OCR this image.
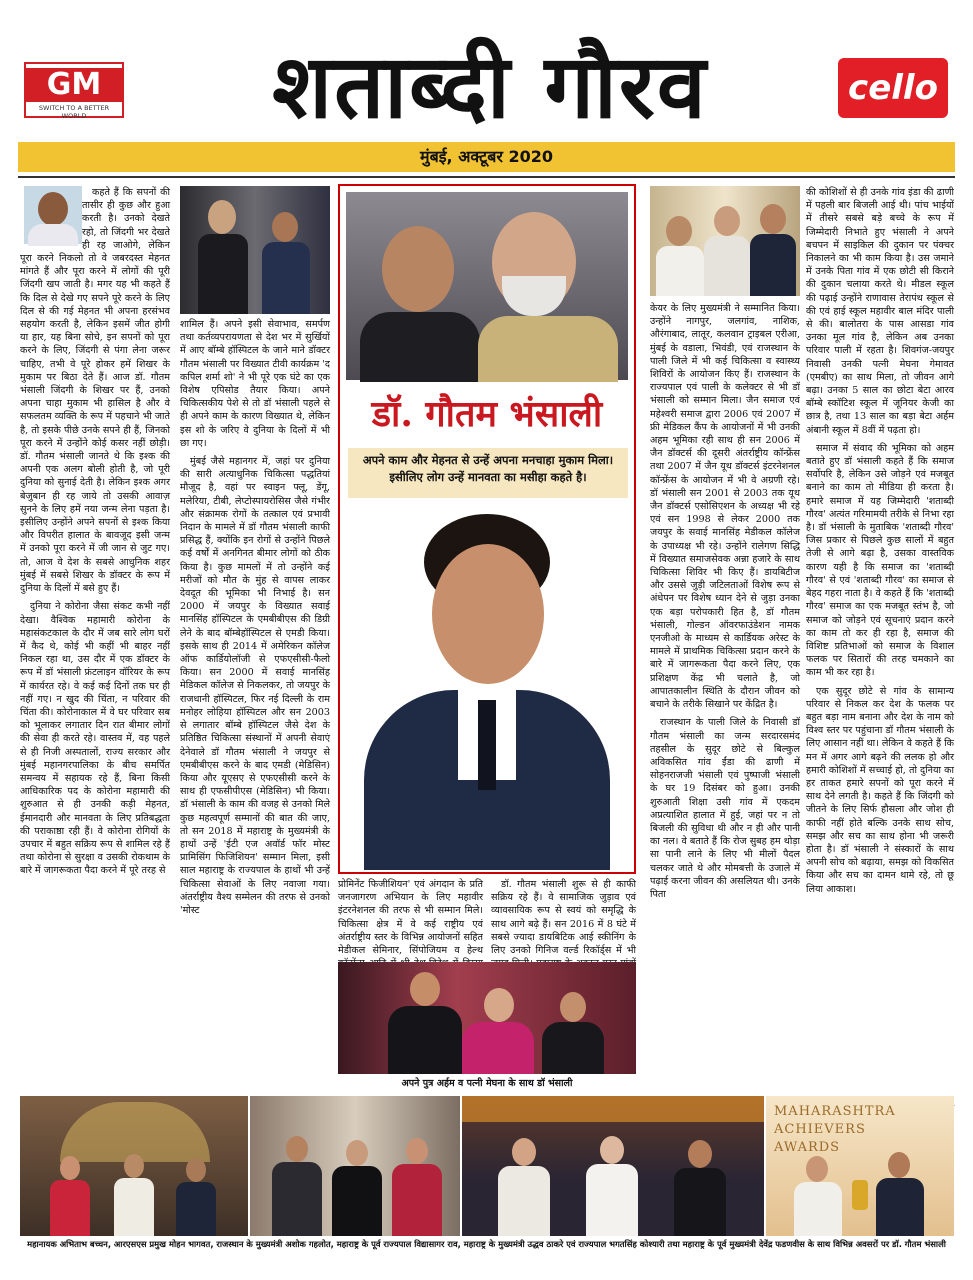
GM
SWITCH TO A BETTER WORLD	शताब्दी गौरव	cello
मुंबई, अक्टूबर 2020

कहते हैं कि सपनों की तासीर ही कुछ और हुआ करती है। उनको देखते रहो, तो जिंदगी भर देखते ही रह जाओगे, लेकिन पूरा करने निकलो तो वे जबरदस्त मेहनत मांगते हैं और पूरा करने में लोगों की पूरी जिंदगी खप जाती है। मगर यह भी कहते हैं कि दिल से देखे गए सपने पूरे करने के लिए दिल से की गई मेहनत भी अपना हरसंभव सहयोग करती है, लेकिन इसमें जीत होगी या हार, यह बिना सोचे, इन सपनों को पूरा करने के लिए, जिंदगी से पंगा लेना जरूर चाहिए, तभी वे पूरे होकर हमें शिखर के मुकाम पर बिठा देते हैं। आज डॉ. गौतम भंसाली जिंदगी के शिखर पर हैं, उनको अपना चाहा मुकाम भी हासिल है और वे सफलतम व्यक्ति के रूप में पहचाने भी जाते है, तो इसके पीछे उनके सपने ही हैं, जिनको पूरा करने में उन्होंने कोई कसर नहीं छोड़ी। डॉ. गौतम भंसाली जानते थे कि इश्क की अपनी एक अलग बोली होती है, जो पूरी दुनिया को सुनाई देती है। लेकिन इश्क अगर बेजुबान ही रह जाये तो उसकी आवाज़ सुनने के लिए हमें नया जन्म लेना पड़ता है। इसीलिए उन्होंने अपने सपनों से इश्क किया और विपरीत हालात के बावजूद इसी जन्म में उनको पूरा करने में जी जान से जुट गए। तो, आज वे देश के सबसे आधुनिक शहर मुंबई में सबसे शिखर के डॉक्टर के रूप में दुनिया के दिलों में बसे हुए हैं।

दुनिया ने कोरोना जैसा संकट कभी नहीं देखा। वैश्विक महामारी कोरोना के महासंकटकाल के दौर में जब सारे लोग घरों में कैद थे, कोई भी कहीं भी बाहर नहीं निकल रहा था, उस दौर में एक डॉक्टर के रूप में डॉ भंसाली फ्रंटलाइन वॉरियर के रूप में कार्यरत रहे। वे कई कई दिनों तक घर ही नहीं गए। न खुद की चिंता, न परिवार की चिंता की। कोरोनाकाल में वे घर परिवार सब को भूलाकर लगातार दिन रात बीमार लोगों की सेवा ही करते रहे। वास्तव में, वह पहले से ही निजी अस्पतालों, राज्य सरकार और मुंबई महानगरपालिका के बीच समर्पित समन्वय में सहायक रहे हैं, बिना किसी आधिकारिक पद के कोरोना महामारी की शुरुआत से ही उनकी कड़ी मेहनत, ईमानदारी और मानवता के लिए प्रतिबद्धता की पराकाष्ठा रही हैं। वे कोरोना रोगियों के उपचार में बहुत सक्रिय रूप से शामिल रहे हैं तथा कोरोना से सुरक्षा व उसकी रोकथाम के बारे में जागरूकता पैदा करने में पूरे तरह से

शामिल हैं। अपने इसी सेवाभाव, समर्पण तथा कर्तव्यपरायणता से देश भर में सुर्खियों में आए बॉम्बे हॉस्पिटल के जाने माने डॉक्टर गौतम भंसाली पर विख्यात टीवी कार्यक्रम 'द कपिल शर्मा शो' ने भी पूरे एक घंटे का एक विशेष एपिसोड तैयार किया। अपने चिकित्सकीय पेशे से तो डॉ भंसाली पहले से ही अपने काम के कारण विख्यात थे, लेकिन इस शो के जरिए वे दुनिया के दिलों में भी छा गए।

मुंबई जैसे महानगर में, जहां पर दुनिया की सारी अत्याधुनिक चिकित्सा पद्धतियां मौजूद है, वहां पर स्वाइन फ्लू, डेंगू, मलेरिया, टीबी, लेप्टोस्पायरोसिस जैसे गंभीर और संक्रामक रोगों के तत्काल एवं प्रभावी निदान के मामले में डॉ गौतम भंसाली काफी प्रसिद्ध हैं, क्योंकि इन रोगों से उन्होंने पिछले कई वर्षों में अनगिनत बीमार लोगों को ठीक किया है। कुछ मामलों में तो उन्होंने कई मरीजों को मौत के मुंह से वापस लाकर देवदूत की भूमिका भी निभाई है। सन 2000 में जयपुर के विख्यात सवाई मानसिंह हॉस्पिटल के एमबीबीएस की डिग्री लेने के बाद बॉम्बेहॉस्पिटल से एमडी किया। इसके साथ ही 2014 में अमेरिकन कॉलेज ऑफ कार्डियोलॉजी से एफएसीसी-फैलो किया। सन 2000 में सवाई मानसिंह मेडिकल कॉलेज से निकलकर, तो जयपुर के राजधानी हॉस्पिटल, फिर नई दिल्ली के राम मनोहर लोहिया हॉस्पिटल और सन 2003 से लगातार बॉम्बे हॉस्पिटल जैसे देश के प्रतिष्ठित चिकित्सा संस्थानों में अपनी सेवाएं देनेवाले डॉ गौतम भंसाली ने जयपुर से एमबीबीएस करने के बाद एमडी (मेडिसिन) किया और यूएसए से एफएसीसी करने के साथ ही एफसीपीएस (मेडिसिन) भी किया। डॉ भंसाली के काम की वजह से उनको मिले कुछ महत्वपूर्ण सम्मानों की बात की जाए, तो सन 2018 में महाराष्ट्र के मुख्यमंत्री के हाथों उन्हें 'ईटी एज अवॉर्ड फॉर मोस्ट प्रामिसिंग फिजिशियन' सम्मान मिला, इसी साल महाराष्ट्र के राज्यपाल के हाथों भी उन्हें चिकित्सा सेवाओं के लिए नवाजा गया। अंतर्राष्ट्रीय वैश्य सम्मेलन की तरफ से उनको 'मोस्ट

डॉ. गौतम भंसाली
अपने काम और मेहनत से उन्हें अपना मनचाहा मुकाम मिला। इसीलिए लोग उन्हें मानवता का मसीहा कहते है।

प्रोमिनेंट फिजीशियन' एवं अंगदान के प्रति जनजागरण अभियान के लिए महावीर इंटरनेशनल की तरफ से भी सम्मान मिले। चिकित्सा क्षेत्र में वे कई राष्ट्रीय एवं अंतर्राष्ट्रीय स्तर के विभिन्न आयोजनों सहित मेडीकल सेमिनार, सिंपोजियम व हेल्थ

डॉ. गौतम भंसाली शुरू से ही काफी सक्रिय रहे हैं। वे सामाजिक जुड़ाव एवं व्यावसायिक रूप से स्वयं को समृद्धि के साथ आगे बढ़े हैं। सन 2016 में 8 घंटे में सबसे ज्यादा डायबिटिक आई स्कीनिंग के लिए उनको गिनिज वर्ल्ड रिकॉर्ड्स में भी

अपने पुत्र अर्हम व पत्नी मेघना के साथ डॉ भंसाली

केयर के लिए मुख्यमंत्री ने सम्मानित किया। उन्होंने नागपुर, जलगांव, नाशिक, औरंगाबाद, लातूर, कलवान ट्राइबल एरीआ, मुंबई के वडाला, भिवंडी, एवं राजस्थान के पाली जिले में भी कई चिकित्सा व स्वास्थ्य शिविरों के आयोजन किए हैं। राजस्थान के राज्यपाल एवं पाली के कलेक्टर से भी डॉ भंसाली को सम्मान मिला। जैन समाज एवं महेश्वरी समाज द्वारा 2006 एवं 2007 में फ्री मेडिकल कैंप के आयोजनों में भी उनकी अहम भूमिका रही साथ ही सन 2006 में जैन डॉक्टर्स की दूसरी अंतर्राष्ट्रीय कॉन्फ्रेंस तथा 2007 में जैन यूथ डॉक्टर्स इंटरनेशनल कॉन्फ्रेंस के आयोजन में भी वे अग्रणी रहे। डॉ भंसाली सन 2001 से 2003 तक यूथ जैन डॉक्टर्स एसोसिएशन के अध्यक्ष भी रहे एवं सन 1998 से लेकर 2000 तक जयपुर के सवाई मानसिंह मेडीकल कॉलेज के उपाध्यक्ष भी रहे। उन्होंने रालेगण सिद्धि में विख्यात समाजसेवक अन्ना हजारे के साथ चिकित्सा शिविर भी किए हैं। डायबिटीज और उससे जुड़ी जटिलताओं विशेष रूप से अंधेपन पर विशेष ध्यान देने से जुड़ा उनका एक बड़ा परोपकारी हित है, डॉ गौतम भंसाली, गोल्डन ऑवरफाउंडेशन नामक एनजीओ के माध्यम से कार्डियक अरेस्ट के मामले में प्राथमिक चिकित्सा प्रदान करने के बारे में जागरूकता पैदा करने लिए, एक प्रशिक्षण केंद्र भी चलाते है, जो आपातकालीन स्थिति के दौरान जीवन को बचाने के तरीके सिखाने पर केंद्रित है।

राजस्थान के पाली जिले के निवासी डॉ गौतम भंसाली का जन्म सरदारसमंद तहसील के सुदूर छोटे से बिल्कुल अविकसित गांव ईंडा की ढाणी में सोहनराजजी भंसाली एवं पुष्पाजी भंसाली के घर 19 दिसंबर को हुआ। उनकी शुरुआती शिक्षा उसी गांव में एकदम अप्रत्याशित हालात में हुई, जहां पर न तो बिजली की सुविधा थी और न ही और पानी का नल। वे बताते हैं कि रोज सुबह हम थोड़ा सा पानी लाने के लिए भी मीलों पैदल चलकर जाते थे और मोमबत्ती के उजाले में पढ़ाई करना जीवन की असलियत थी। उनके पिता

की कोशिशों से ही उनके गांव इंडा की ढाणी में पहली बार बिजली आई थी। पांच भाईयों में तीसरे सबसे बड़े बच्चे के रूप में जिम्मेदारी निभाते हुए भंसाली ने अपने बचपन में साइकिल की दुकान पर पंक्चर निकालने का भी काम किया है। उस जमाने में उनके पिता गांव में एक छोटी सी किराने की दुकान चलाया करते थे। मीडल स्कूल की पढ़ाई उन्होंने राणावास तेरापंथ स्कूल से की एवं हाई स्कूल महावीर बाल मंदिर पाली से की। बालोतरा के पास आसडा गांव उनका मूल गांव है, लेकिन अब उनका परिवार पाली में रहता है। शिवगंज-जयपुर निवासी उनकी पत्नी मेघना गेमावत (एमबीए) का साथ मिला, तो जीवन आगे बढ़ा। उनका 5 साल का छोटा बेटा आरव बॉम्बे स्कॉटिश स्कूल में जूनियर केजी का छात्र है, तथा 13 साल का बड़ा बेटा अर्हम अंबानी स्कूल में 8वीं में पढ़ता हो।

समाज में संवाद की भूमिका को अहम बताते हुए डॉ भंसाली कहते हैं कि समाज सर्वोपरि है, लेकिन उसे जोड़ने एवं मजबूत बनाने का काम तो मीडिया ही करता है। हमारे समाज में यह जिम्मेदारी 'शताब्दी गौरव' अत्यंत गरिमामयी तरीके से निभा रहा है। डॉ भंसाली के मुताबिक 'शताब्दी गौरव' जिस प्रकार से पिछले कुछ सालों में बहुत तेजी से आगे बढ़ा है, उसका वास्तविक कारण यही है कि समाज का 'शताब्दी गौरव' से एवं 'शताब्दी गौरव' का समाज से बेहद गहरा नाता है। वे कहते हैं कि 'शताब्दी गौरव' समाज का एक मजबूत स्तंभ है, जो समाज को जोड़ने एवं सूचनाएं प्रदान करने का काम तो कर ही रहा है, समाज की विशिष्ट प्रतिभाओं को समाज के विशाल फलक पर सितारों की तरह चमकाने का काम भी कर रहा है।

एक सुदूर छोटे से गांव के सामान्य परिवार से निकल कर देश के फलक पर बहुत बड़ा नाम बनाना और देश के नाम को विश्व स्तर पर पहुंचाना डॉ गौतम भंसाली के लिए आसान नहीं था। लेकिन वे कहते हैं कि मन में अगर आगे बढ़ने की ललक हो और हमारी कोशिशों में सच्चाई हो, तो दुनिया का हर ताकत हमारे सपनों को पूरा करने में साथ देने लगती है। कहते हैं कि जिंदगी को जीतने के लिए सिर्फ हौसला और जोश ही काफी नहीं होते बल्कि उनके साथ सोच, समझ और सच का साथ होना भी जरूरी होता है। डॉ भंसाली ने संस्कारों के साथ अपनी सोच को बढ़ाया, समझ को विकसित किया और सच का दामन थामे रहे, तो छू लिया आकाश।

MAHARASHTRA
ACHIEVERS
AWARDS
महानायक अभिताभ बच्चन, आरएसएस प्रमुख मोहन भागवत, राजस्थान के मुख्यमंत्री अशोक गहलोत, महाराष्ट्र के पूर्व राज्यपाल विद्यासागर राव, महाराष्ट्र के मुख्यमंत्री उद्धव ठाकरे एवं राज्यपाल भगतसिंह कोश्यारी तथा महाराष्ट्र के पूर्व मुख्यमंत्री देवेंद्र फडणवीस के साथ विभिन्न अवसरों पर डॉ. गौतम भंसाली
